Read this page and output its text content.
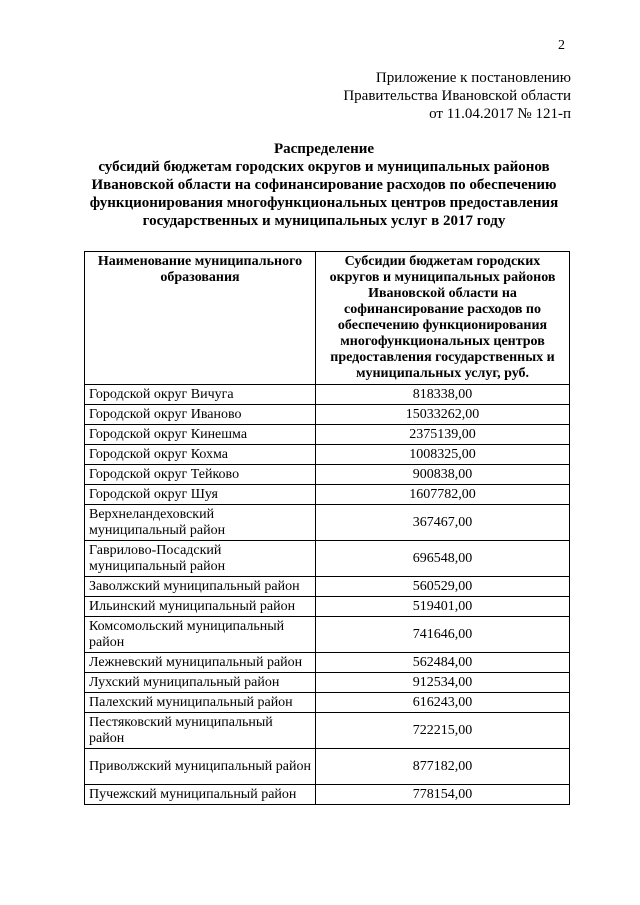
2
Приложение к постановлению
Правительства Ивановской области
от 11.04.2017 № 121-п
Распределение
субсидий бюджетам городских округов и муниципальных районов
Ивановской области на софинансирование расходов по обеспечению
функционирования многофункциональных центров предоставления
государственных и муниципальных услуг в 2017 году
Наименование муниципального образования	Субсидии бюджетам городских округов и муниципальных районов Ивановской области на софинансирование расходов по обеспечению функционирования многофункциональных центров предоставления государственных и муниципальных услуг, руб.
Городской округ Вичуга	818338,00
Городской округ Иваново	15033262,00
Городской округ Кинешма	2375139,00
Городской округ Кохма	1008325,00
Городской округ Тейково	900838,00
Городской округ Шуя	1607782,00
Верхнеландеховский муниципальный район	367467,00
Гаврилово-Посадский муниципальный район	696548,00
Заволжский муниципальный район	560529,00
Ильинский муниципальный район	519401,00
Комсомольский муниципальный район	741646,00
Лежневский муниципальный район	562484,00
Лухский муниципальный район	912534,00
Палехский муниципальный район	616243,00
Пестяковский муниципальный район	722215,00
Приволжский муниципальный район	877182,00
Пучежский муниципальный район	778154,00
